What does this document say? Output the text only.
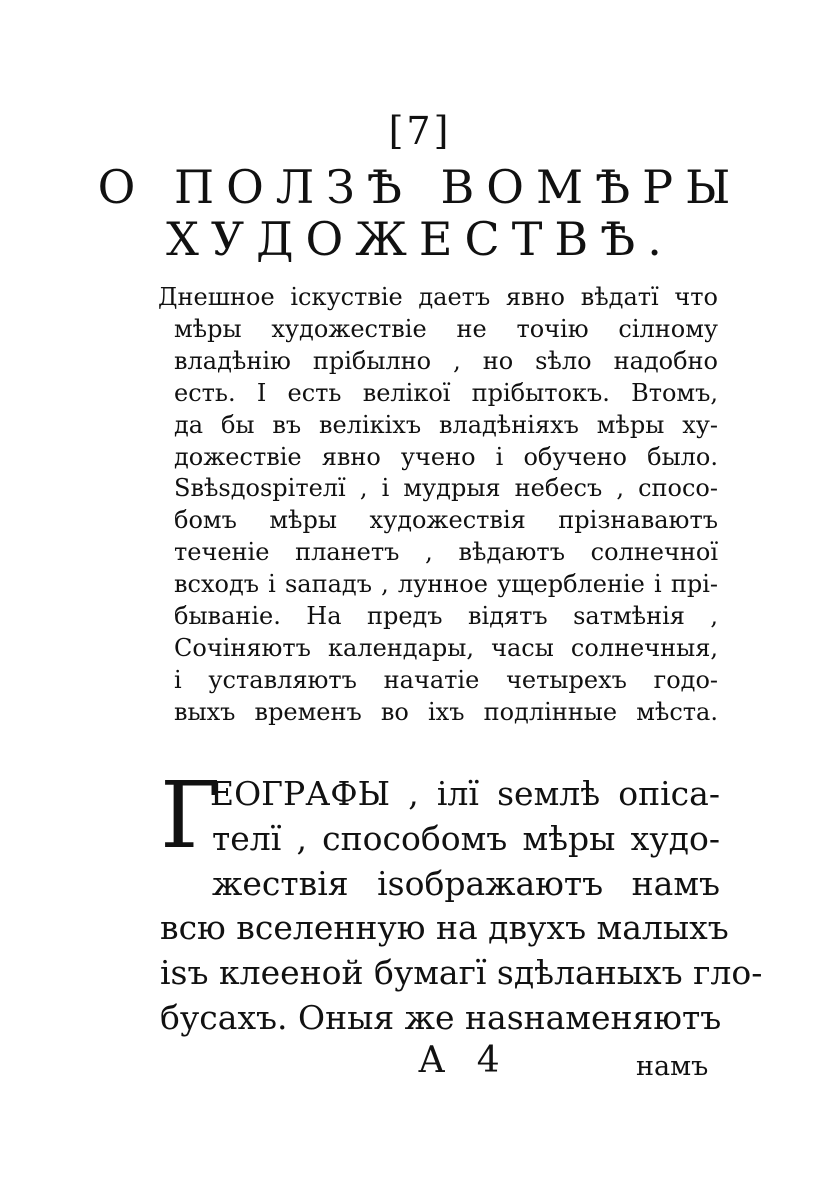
[7]
О ПОЛЗѢ ВОМѢРЫ
ХУДОЖЕСТВѢ.
Днешное іскуствіе даетъ явно вѣдатї что
мѣры художествіе не точію сілному
владѣнію прібылно , но sѣло надобно
есть. І есть велікої прібытокъ. Втомъ,
да бы въ велікіхъ владѣніяхъ мѣры ху-
дожествіе явно учено і обучено было.
Sвѣsдоsрітелї , і мудрыя небесъ , спосо-
бомъ мѣры художествія прізнаваютъ
теченіе планетъ , вѣдаютъ солнечної
всходъ і sападъ , лунное ущербленіе і прі-
бываніе. На предъ відятъ sатмѣнія ,
Сочіняютъ календары, часы солнечныя,
і уставляютъ начатіе четырехъ годо-
выхъ временъ во іхъ подлінные мѣста.
Г
ЕОГРАФЫ , ілї sемлѣ опіса-
телї , способомъ мѣры худо-
жествія іsображаютъ намъ
всю вселенную на двухъ малыхъ
іsъ клееной бумагї sдѣланыхъ гло-
бусахъ. Оныя же наsнаменяютъ
А 4	намъ
